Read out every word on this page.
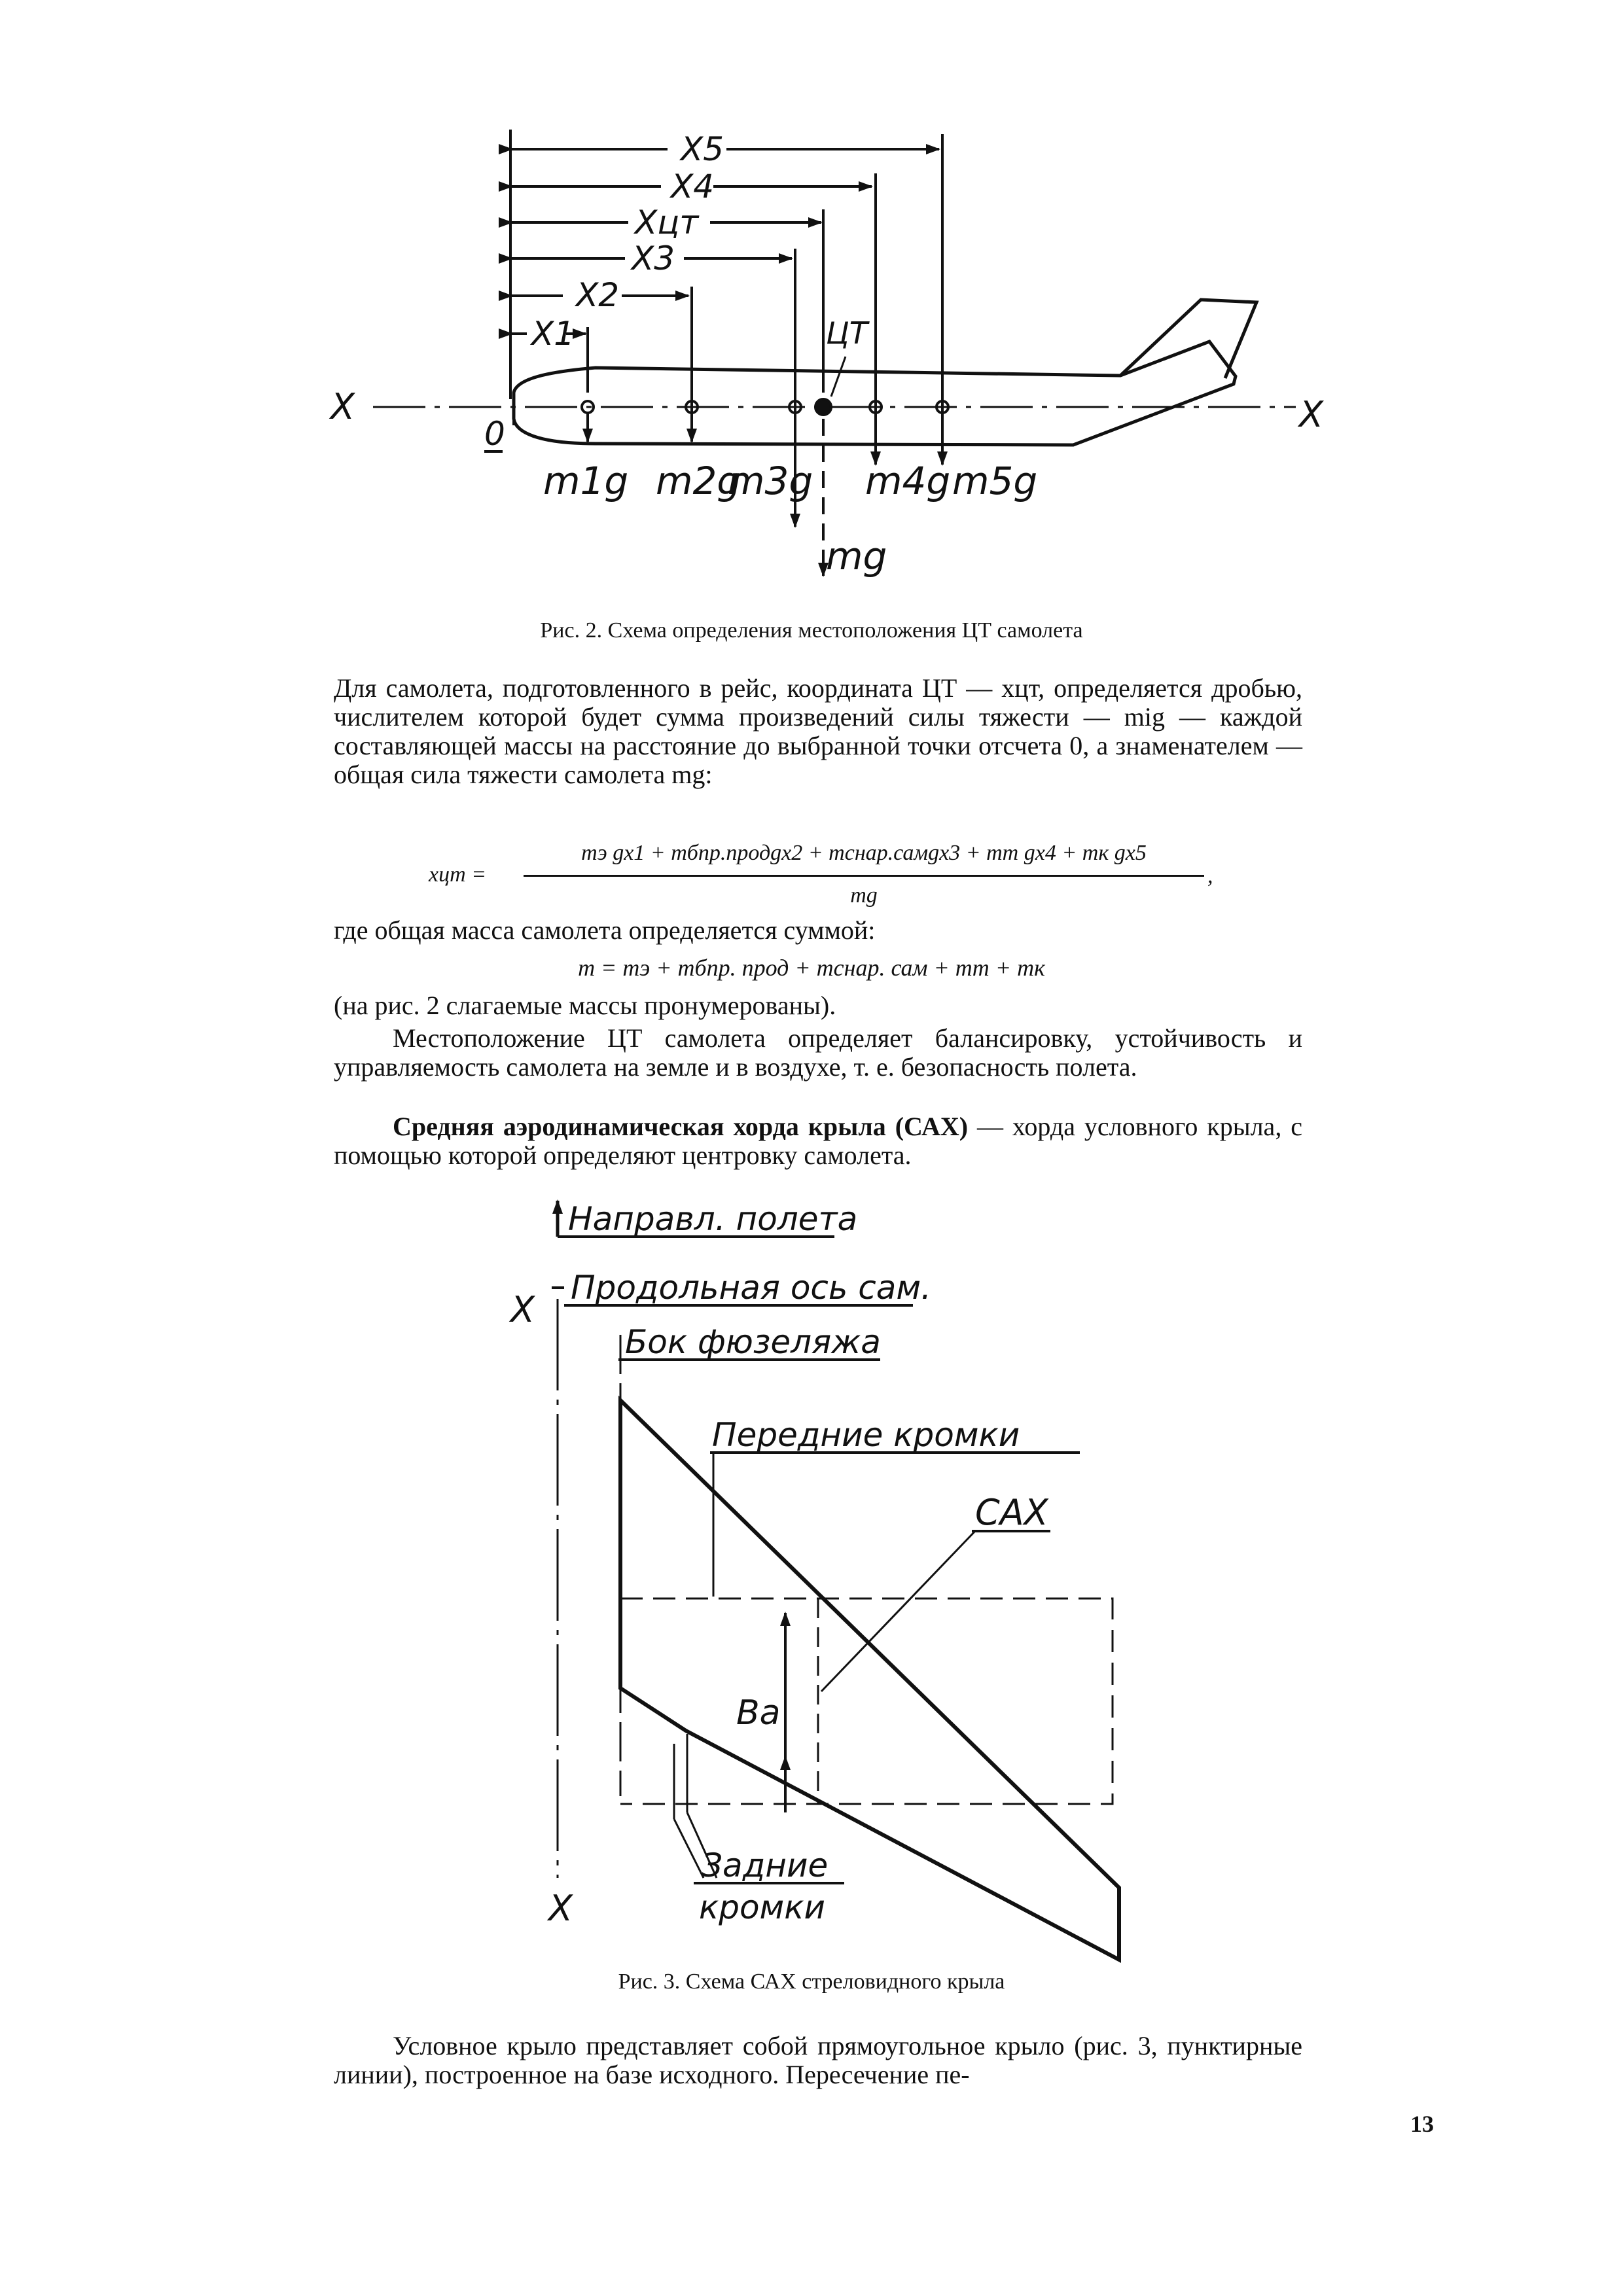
X5
X4
Xцт
X3
X2
X1	ЦТ
X	X
0
m1g m2g
m3g m4g m5g
mg
Направл. полета
Продольная ось сам.
X
Бок фюзеляжа
Передние кромки
САХ
Ва
Задние
кромки
X
Рис. 2. Схема определения местоположения ЦТ самолета
Для самолета, подготовленного в рейс, координата ЦТ — xцт, определяется дробью, числителем которой будет сумма произведений силы тяжести — mig — каждой составляющей массы на расстояние до выбранной точки отсчета 0, а знаменателем — общая сила тяжести самолета mg:
xцт =
mэ gx1 + mбпр.продgx2 + mснар.самgx3 + mт gx4 + mк gx5
mg
,
где общая масса самолета определяется суммой:
m = mэ + mбпр. прод + mснар. сам + mт + mк
(на рис. 2 слагаемые массы пронумерованы).
Местоположение ЦТ самолета определяет балансировку, устойчивость и управляемость самолета на земле и в воздухе, т. е. безопасность полета.
Средняя аэродинамическая хорда крыла (САХ) — хорда условного крыла, с помощью которой определяют центровку самолета.
Рис. 3. Схема САХ стреловидного крыла
Условное крыло представляет собой прямоугольное крыло (рис. 3, пунктирные линии), построенное на базе исходного. Пересечение пе-
13
